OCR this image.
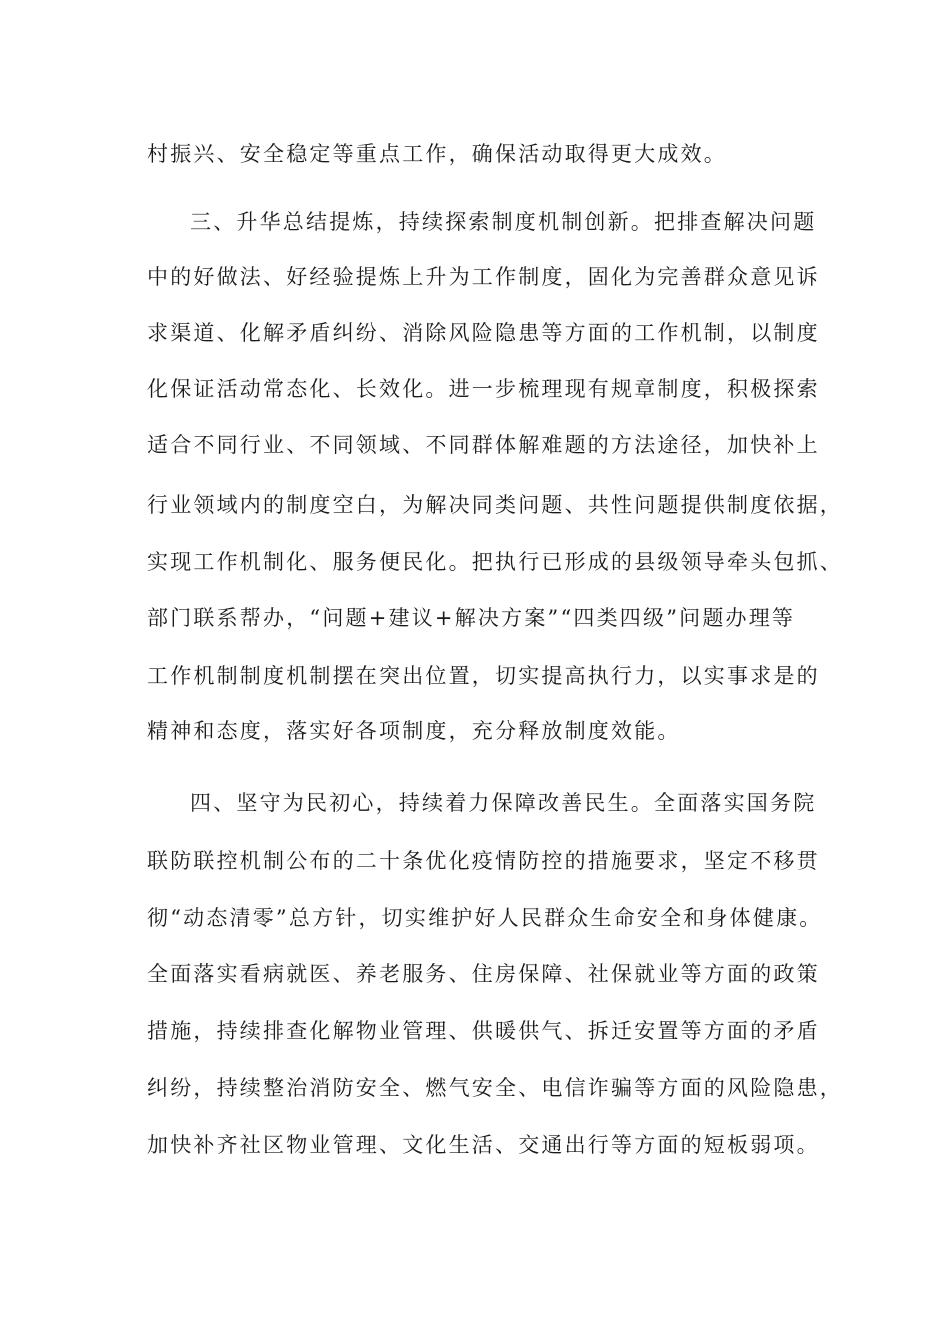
村振兴、安全稳定等重点工作，确保活动取得更大成效。
三、升华总结提炼，持续探索制度机制创新。把排查解决问题
中的好做法、好经验提炼上升为工作制度，固化为完善群众意见诉
求渠道、化解矛盾纠纷、消除风险隐患等方面的工作机制，以制度
化保证活动常态化、长效化。进一步梳理现有规章制度，积极探索
适合不同行业、不同领域、不同群体解难题的方法途径，加快补上
行业领域内的制度空白，为解决同类问题、共性问题提供制度依据，
实现工作机制化、服务便民化。把执行已形成的县级领导牵头包抓、
部门联系帮办，“问题+建议+解决方案”“四类四级”问题办理等
工作机制制度机制摆在突出位置，切实提高执行力，以实事求是的
精神和态度，落实好各项制度，充分释放制度效能。
四、坚守为民初心，持续着力保障改善民生。全面落实国务院
联防联控机制公布的二十条优化疫情防控的措施要求，坚定不移贯
彻“动态清零”总方针，切实维护好人民群众生命安全和身体健康。
全面落实看病就医、养老服务、住房保障、社保就业等方面的政策
措施，持续排查化解物业管理、供暖供气、拆迁安置等方面的矛盾
纠纷，持续整治消防安全、燃气安全、电信诈骗等方面的风险隐患，
加快补齐社区物业管理、文化生活、交通出行等方面的短板弱项。
